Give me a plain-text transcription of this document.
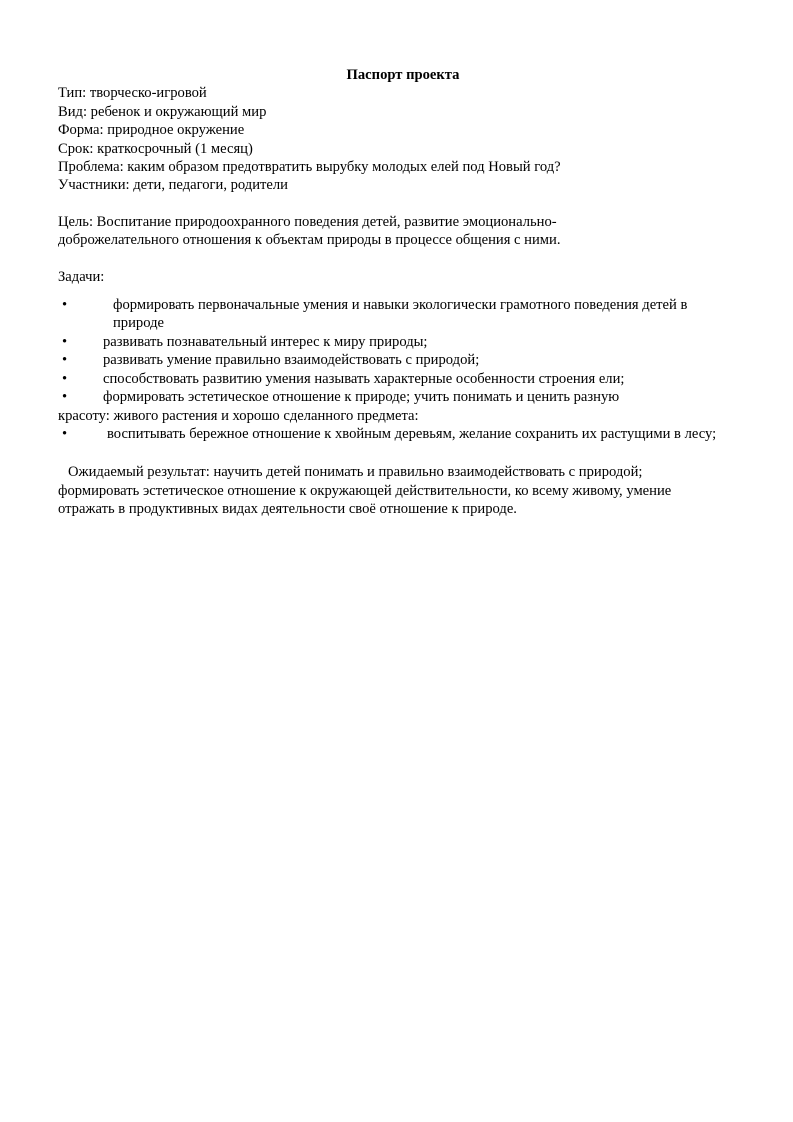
Паспорт проекта

Тип: творческо-игровой

Вид: ребенок и окружающий мир

Форма: природное окружение

Срок: краткосрочный (1 месяц)

Проблема: каким образом предотвратить вырубку молодых елей под Новый год?

Участники: дети, педагоги, родители

Цель: Воспитание природоохранного поведения детей, развитие эмоционально-доброжелательного отношения к объектам природы в процессе общения с ними.

Задачи:

•	формировать первоначальные умения и навыки экологически грамотного поведения детей в природе
• развивать познавательный интерес к миру природы;
• развивать умение правильно взаимодействовать с природой;
• способствовать развитию умения называть характерные особенности строения ели;
• формировать эстетическое отношение к природе; учить понимать и ценить разную красоту: живого растения и хорошо сделанного предмета:
•	воспитывать бережное отношение к хвойным деревьям, желание сохранить их растущими в лесу;

Ожидаемый результат: научить детей понимать и правильно взаимодействовать с природой; формировать эстетическое отношение к окружающей действительности, ко всему живому, умение отражать в продуктивных видах деятельности своё отношение к природе.
